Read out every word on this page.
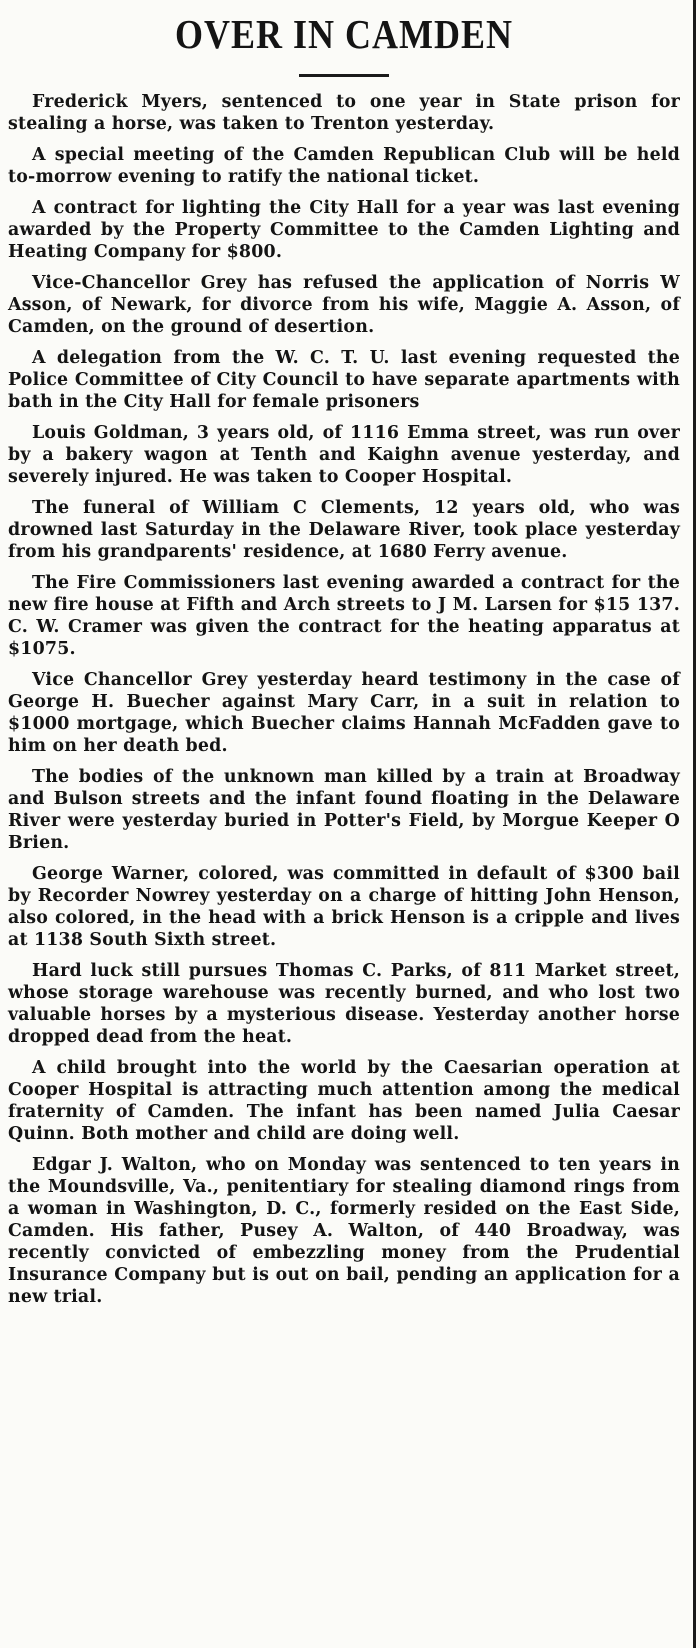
OVER IN CAMDEN

Frederick Myers, sentenced to one year in State prison for stealing a horse, was taken to Trenton yesterday.

A special meeting of the Camden Republican Club will be held to-morrow evening to ratify the national ticket.

A contract for lighting the City Hall for a year was last evening awarded by the Property Committee to the Camden Lighting and Heating Company for $800.

Vice-Chancellor Grey has refused the application of Norris W Asson, of Newark, for divorce from his wife, Maggie A. Asson, of Camden, on the ground of desertion.

A delegation from the W. C. T. U. last evening requested the Police Committee of City Council to have separate apartments with bath in the City Hall for female prisoners

Louis Goldman, 3 years old, of 1116 Emma street, was run over by a bakery wagon at Tenth and Kaighn avenue yesterday, and severely injured. He was taken to Cooper Hospital.

The funeral of William C Clements, 12 years old, who was drowned last Saturday in the Delaware River, took place yesterday from his grandparents' residence, at 1680 Ferry avenue.

The Fire Commissioners last evening awarded a contract for the new fire house at Fifth and Arch streets to J M. Larsen for $15 137. C. W. Cramer was given the contract for the heating apparatus at $1075.

Vice Chancellor Grey yesterday heard testimony in the case of George H. Buecher against Mary Carr, in a suit in relation to $1000 mortgage, which Buecher claims Hannah McFadden gave to him on her death bed.

The bodies of the unknown man killed by a train at Broadway and Bulson streets and the infant found floating in the Delaware River were yesterday buried in Potter's Field, by Morgue Keeper O Brien.

George Warner, colored, was committed in default of $300 bail by Recorder Nowrey yesterday on a charge of hitting John Henson, also colored, in the head with a brick Henson is a cripple and lives at 1138 South Sixth street.

Hard luck still pursues Thomas C. Parks, of 811 Market street, whose storage warehouse was recently burned, and who lost two valuable horses by a mysterious disease. Yesterday another horse dropped dead from the heat.

A child brought into the world by the Caesarian operation at Cooper Hospital is attracting much attention among the medical fraternity of Camden. The infant has been named Julia Caesar Quinn. Both mother and child are doing well.

Edgar J. Walton, who on Monday was sentenced to ten years in the Moundsville, Va., penitentiary for stealing diamond rings from a woman in Washington, D. C., formerly resided on the East Side, Camden. His father, Pusey A. Walton, of 440 Broadway, was recently convicted of embezzling money from the Prudential Insurance Company but is out on bail, pending an application for a new trial.
